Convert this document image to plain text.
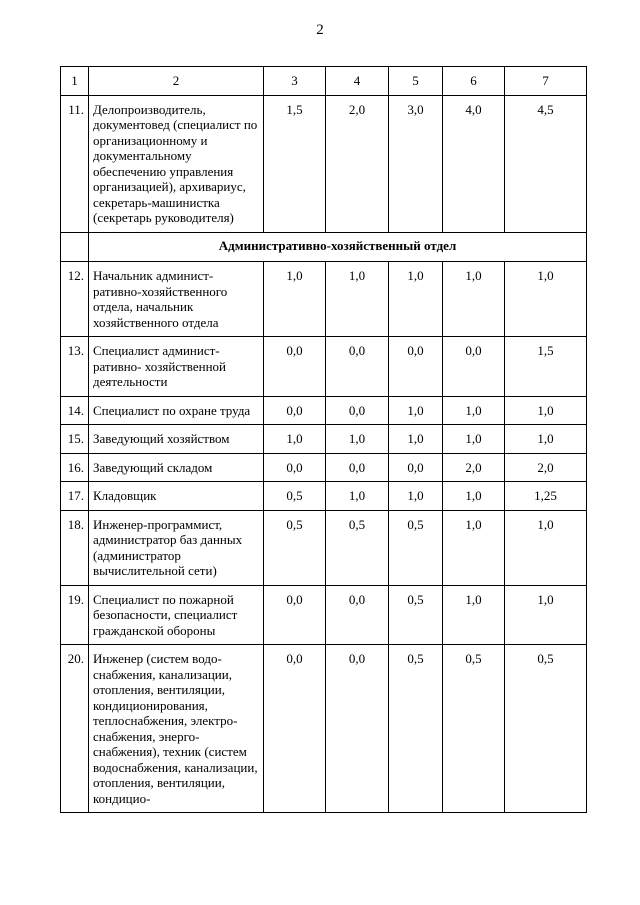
2
1	2	3	4	5	6	7
11.	Делопроизводитель, документовед (специалист по организационному и документальному обеспечению управления организацией), архивариус, секретарь-машинистка (секретарь руководителя)	1,5	2,0	3,0	4,0	4,5
	Административно-хозяйственный отдел					
12.	Начальник админист-ративно-хозяйственного отдела, начальник хозяйственного отдела	1,0	1,0	1,0	1,0	1,0
13.	Специалист админист-ративно- хозяйственной деятельности	0,0	0,0	0,0	0,0	1,5
14.	Специалист по охране труда	0,0	0,0	1,0	1,0	1,0
15.	Заведующий хозяйством	1,0	1,0	1,0	1,0	1,0
16.	Заведующий складом	0,0	0,0	0,0	2,0	2,0
17.	Кладовщик	0,5	1,0	1,0	1,0	1,25
18.	Инженер-программист, администратор баз данных (администратор вычислительной сети)	0,5	0,5	0,5	1,0	1,0
19.	Специалист по пожарной безопасности, специалист гражданской обороны	0,0	0,0	0,5	1,0	1,0
20.	Инженер (систем водо-снабжения, канализации, отопления, вентиляции, кондиционирования, теплоснабжения, электро-снабжения, энерго-снабжения), техник (систем водоснабжения, канализации, отопления, вентиляции, кондицио-	0,0	0,0	0,5	0,5	0,5
